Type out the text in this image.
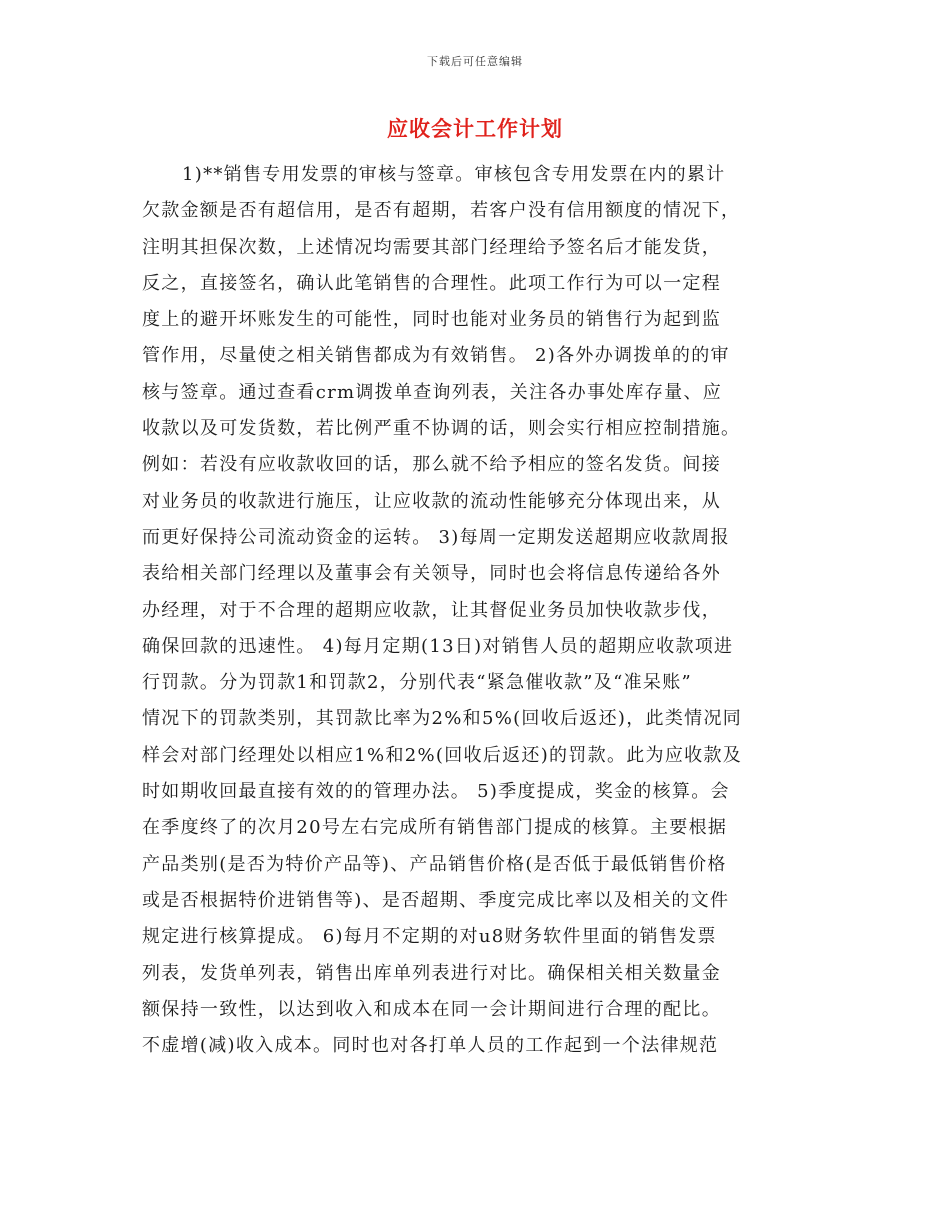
下载后可任意编辑
应收会计工作计划
1)**销售专用发票的审核与签章。审核包含专用发票在内的累计
欠款金额是否有超信用，是否有超期，若客户没有信用额度的情况下，
注明其担保次数，上述情况均需要其部门经理给予签名后才能发货，
反之，直接签名，确认此笔销售的合理性。此项工作行为可以一定程
度上的避开坏账发生的可能性，同时也能对业务员的销售行为起到监
管作用，尽量使之相关销售都成为有效销售。 2)各外办调拨单的的审
核与签章。通过查看crm调拨单查询列表，关注各办事处库存量、应
收款以及可发货数，若比例严重不协调的话，则会实行相应控制措施。
例如：若没有应收款收回的话，那么就不给予相应的签名发货。间接
对业务员的收款进行施压，让应收款的流动性能够充分体现出来，从
而更好保持公司流动资金的运转。 3)每周一定期发送超期应收款周报
表给相关部门经理以及董事会有关领导，同时也会将信息传递给各外
办经理，对于不合理的超期应收款，让其督促业务员加快收款步伐，
确保回款的迅速性。 4)每月定期(13日)对销售人员的超期应收款项进
行罚款。分为罚款1和罚款2，分别代表“紧急催收款”及“准呆账”
情况下的罚款类别，其罚款比率为2%和5%(回收后返还)，此类情况同
样会对部门经理处以相应1%和2%(回收后返还)的罚款。此为应收款及
时如期收回最直接有效的的管理办法。 5)季度提成，奖金的核算。会
在季度终了的次月20号左右完成所有销售部门提成的核算。主要根据
产品类别(是否为特价产品等)、产品销售价格(是否低于最低销售价格
或是否根据特价进销售等)、是否超期、季度完成比率以及相关的文件
规定进行核算提成。 6)每月不定期的对u8财务软件里面的销售发票
列表，发货单列表，销售出库单列表进行对比。确保相关相关数量金
额保持一致性，以达到收入和成本在同一会计期间进行合理的配比。
不虚增(减)收入成本。同时也对各打单人员的工作起到一个法律规范
